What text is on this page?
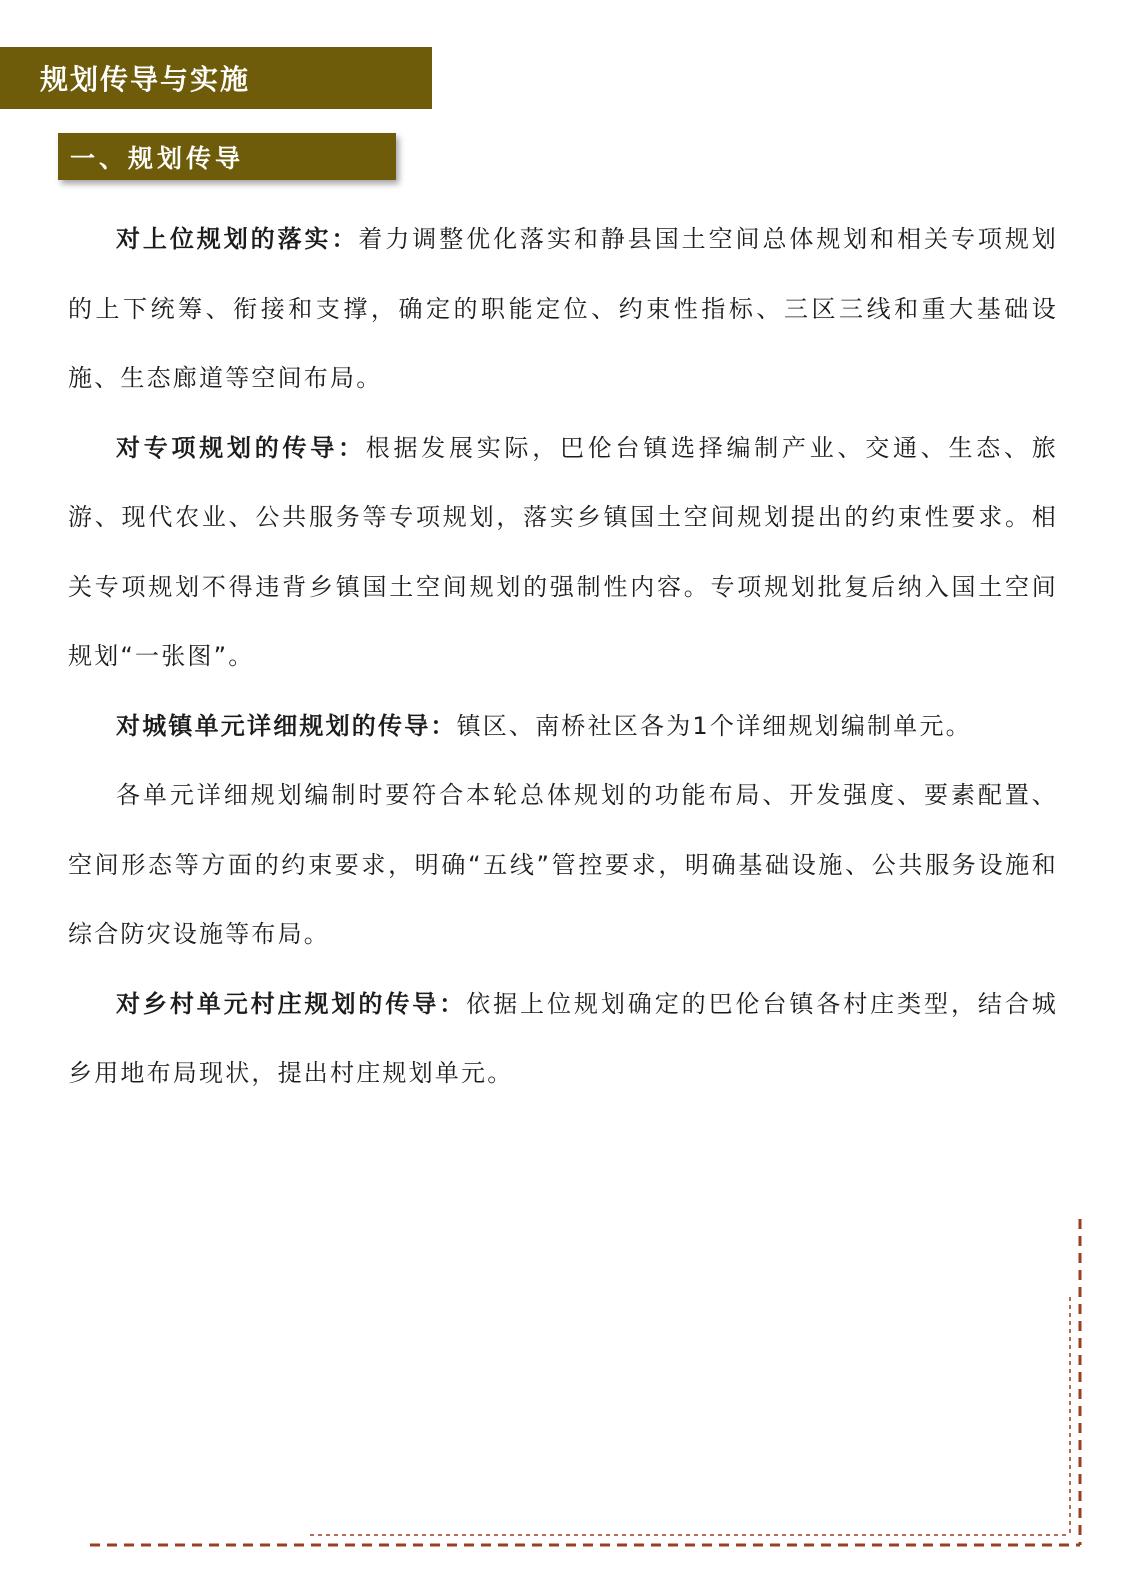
规划传导与实施
一、规划传导

对上位规划的落实：着力调整优化落实和静县国土空间总体规划和相关专项规划的上下统筹、衔接和支撑，确定的职能定位、约束性指标、三区三线和重大基础设施、生态廊道等空间布局。

对专项规划的传导：根据发展实际，巴伦台镇选择编制产业、交通、生态、旅游、现代农业、公共服务等专项规划，落实乡镇国土空间规划提出的约束性要求。相关专项规划不得违背乡镇国土空间规划的强制性内容。专项规划批复后纳入国土空间规划“一张图”。

对城镇单元详细规划的传导：镇区、南桥社区各为1个详细规划编制单元。

各单元详细规划编制时要符合本轮总体规划的功能布局、开发强度、要素配置、空间形态等方面的约束要求，明确“五线”管控要求，明确基础设施、公共服务设施和综合防灾设施等布局。

对乡村单元村庄规划的传导：依据上位规划确定的巴伦台镇各村庄类型，结合城乡用地布局现状，提出村庄规划单元。
